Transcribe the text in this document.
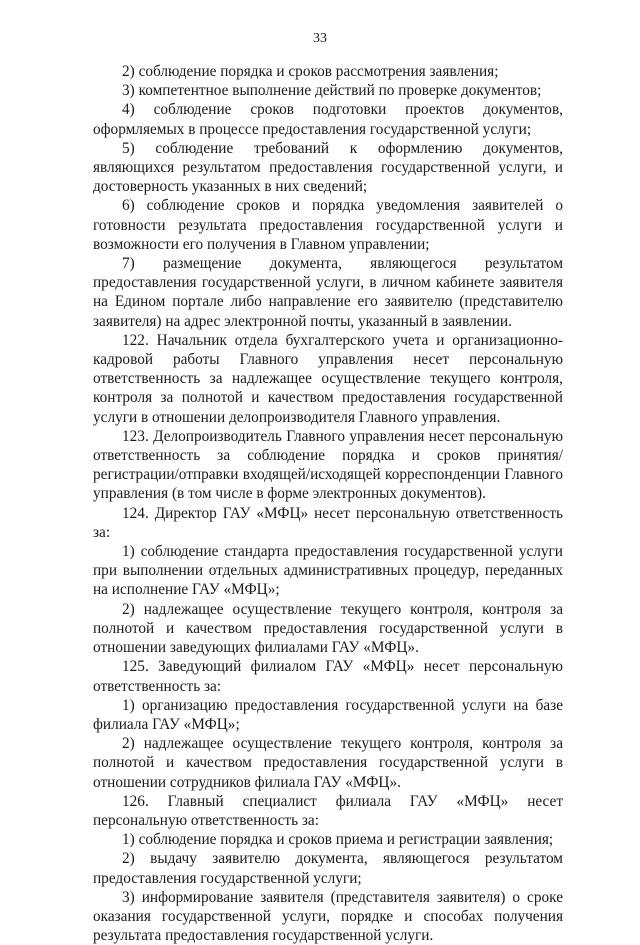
33

2) соблюдение порядка и сроков рассмотрения заявления;

3) компетентное выполнение действий по проверке документов;

4) соблюдение сроков подготовки проектов документов, оформляемых в процессе предоставления государственной услуги;

5) соблюдение требований к оформлению документов, являющихся результатом предоставления государственной услуги, и достоверность указанных в них сведений;

6) соблюдение сроков и порядка уведомления заявителей о готовности результата предоставления государственной услуги и возможности его получения в Главном управлении;

7) размещение документа, являющегося результатом предоставления государственной услуги, в личном кабинете заявителя на Едином портале либо направление его заявителю (представителю заявителя) на адрес электронной почты, указанный в заявлении.

122. Начальник отдела бухгалтерского учета и организационно-кадровой работы Главного управления несет персональную ответственность за надлежащее осуществление текущего контроля, контроля за полнотой и качеством предоставления государственной услуги в отношении делопроизводителя Главного управления.

123. Делопроизводитель Главного управления несет персональную ответственность за соблюдение порядка и сроков принятия/регистрации/отправки входящей/исходящей корреспонденции Главного управления (в том числе в форме электронных документов).

124. Директор ГАУ «МФЦ» несет персональную ответственность за:

1) соблюдение стандарта предоставления государственной услуги при выполнении отдельных административных процедур, переданных на исполнение ГАУ «МФЦ»;

2) надлежащее осуществление текущего контроля, контроля за полнотой и качеством предоставления государственной услуги в отношении заведующих филиалами ГАУ «МФЦ».

125. Заведующий филиалом ГАУ «МФЦ» несет персональную ответственность за:

1) организацию предоставления государственной услуги на базе филиала ГАУ «МФЦ»;

2) надлежащее осуществление текущего контроля, контроля за полнотой и качеством предоставления государственной услуги в отношении сотрудников филиала ГАУ «МФЦ».

126. Главный специалист филиала ГАУ «МФЦ» несет персональную ответственность за:

1) соблюдение порядка и сроков приема и регистрации заявления;

2) выдачу заявителю документа, являющегося результатом предоставления государственной услуги;

3) информирование заявителя (представителя заявителя) о сроке оказания государственной услуги, порядке и способах получения результата предоставления государственной услуги.
